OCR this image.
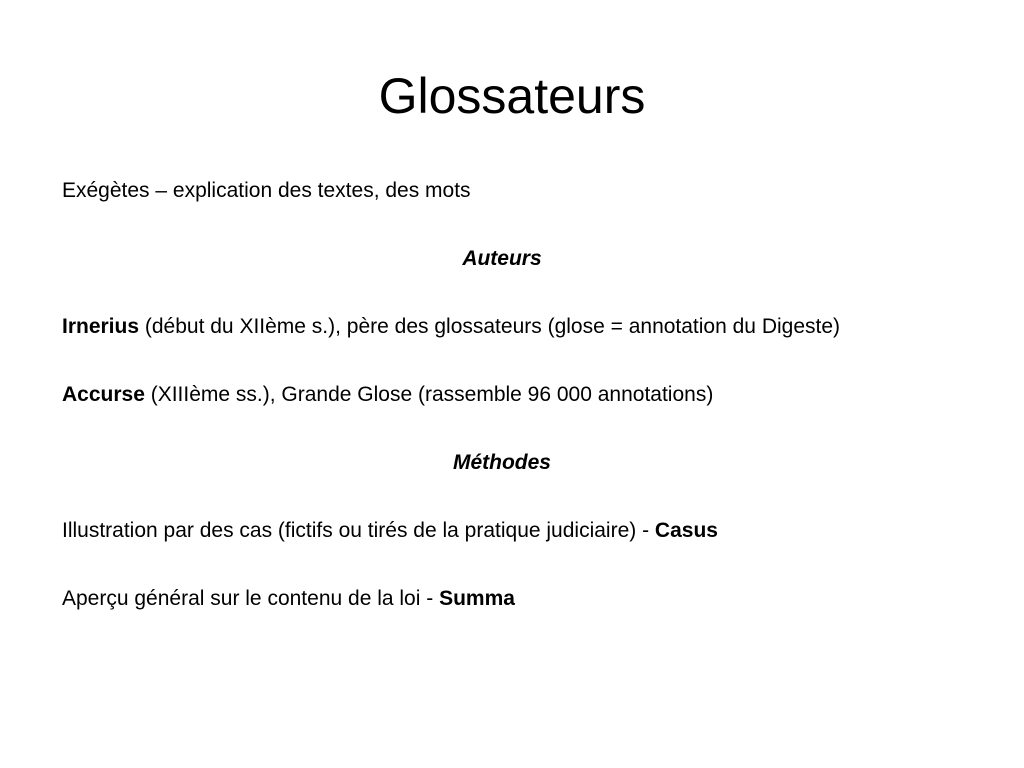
Glossateurs

Exégètes – explication des textes, des mots

Auteurs

Irnerius (début du XIIème s.), père des glossateurs (glose = annotation du Digeste)

Accurse (XIIIème ss.), Grande Glose (rassemble 96 000 annotations)

Méthodes

Illustration par des cas (fictifs ou tirés de la pratique judiciaire) - Casus

Aperçu général sur le contenu de la loi - Summa
